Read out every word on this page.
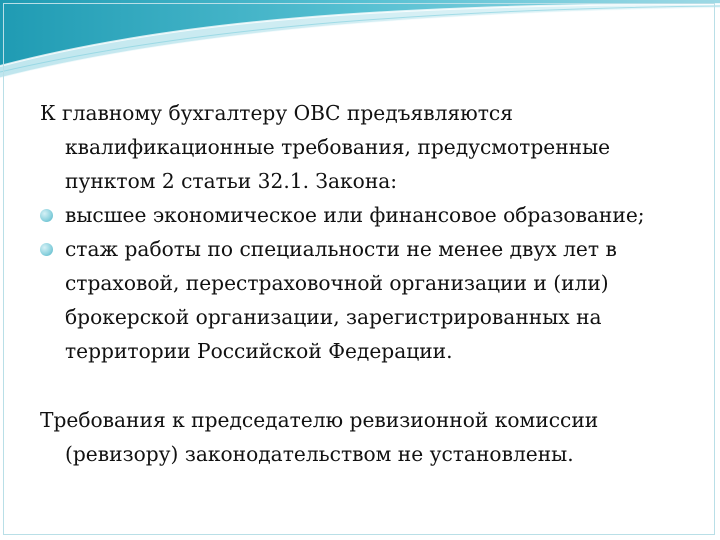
К главному бухгалтеру ОВС предъявляются квалификационные требования, предусмотренные пунктом 2 статьи 32.1. Закона:

высшее экономическое или финансовое образование;
стаж работы по специальности не менее двух лет в страховой, перестраховочной организации и (или) брокерской организации, зарегистрированных на территории Российской Федерации.

Требования к председателю ревизионной комиссии (ревизору) законодательством не установлены.
